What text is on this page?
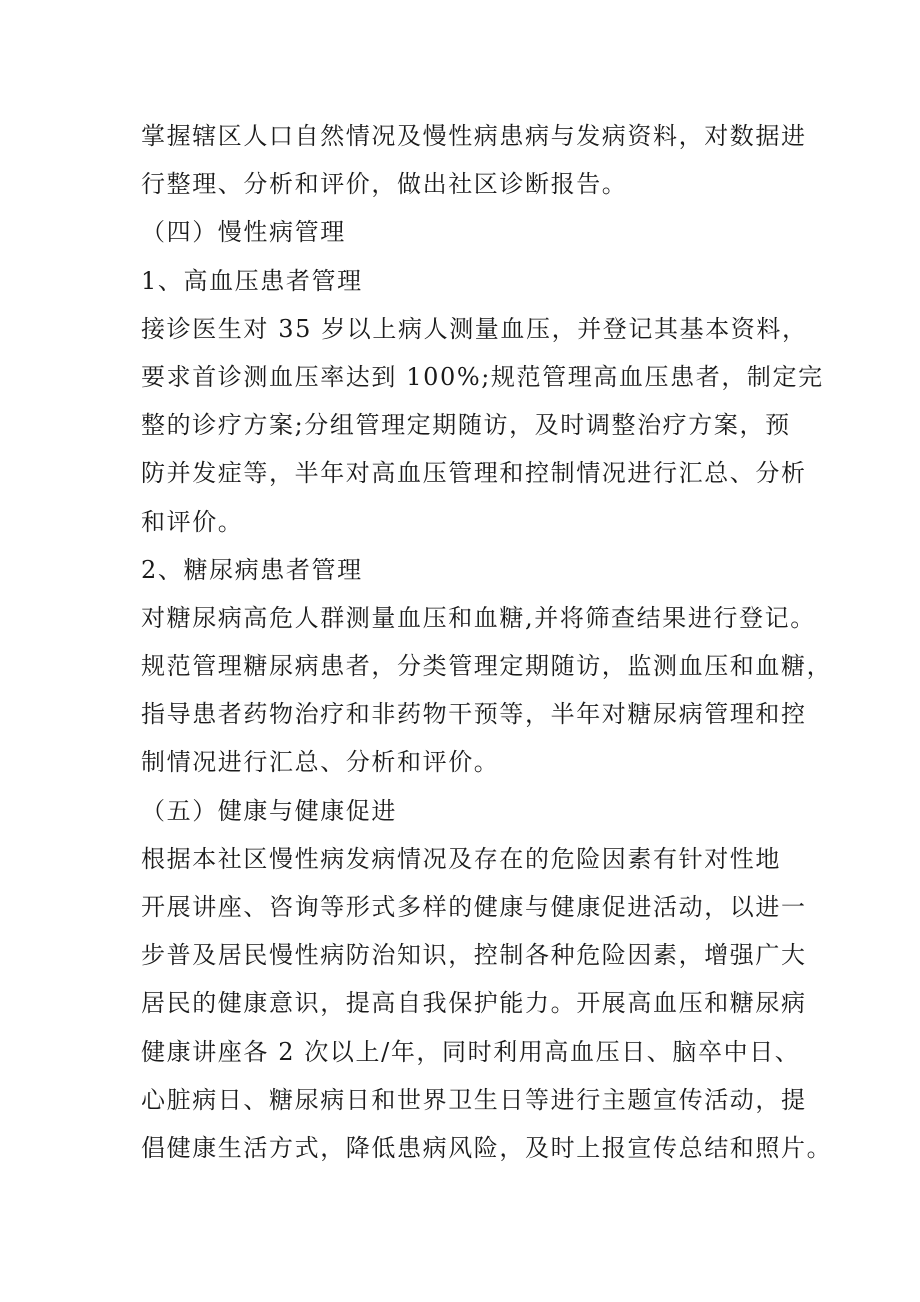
掌握辖区人口自然情况及慢性病患病与发病资料，对数据进
行整理、分析和评价，做出社区诊断报告。
（四）慢性病管理
1、高血压患者管理
接诊医生对 35 岁以上病人测量血压，并登记其基本资料，
要求首诊测血压率达到 100%;规范管理高血压患者，制定完
整的诊疗方案;分组管理定期随访，及时调整治疗方案，预
防并发症等，半年对高血压管理和控制情况进行汇总、分析
和评价。
2、糖尿病患者管理
对糖尿病高危人群测量血压和血糖,并将筛查结果进行登记。
规范管理糖尿病患者，分类管理定期随访，监测血压和血糖，
指导患者药物治疗和非药物干预等，半年对糖尿病管理和控
制情况进行汇总、分析和评价。
（五）健康与健康促进
根据本社区慢性病发病情况及存在的危险因素有针对性地
开展讲座、咨询等形式多样的健康与健康促进活动，以进一
步普及居民慢性病防治知识，控制各种危险因素，增强广大
居民的健康意识，提高自我保护能力。开展高血压和糖尿病
健康讲座各 2 次以上/年，同时利用高血压日、脑卒中日、
心脏病日、糖尿病日和世界卫生日等进行主题宣传活动，提
倡健康生活方式，降低患病风险，及时上报宣传总结和照片。
